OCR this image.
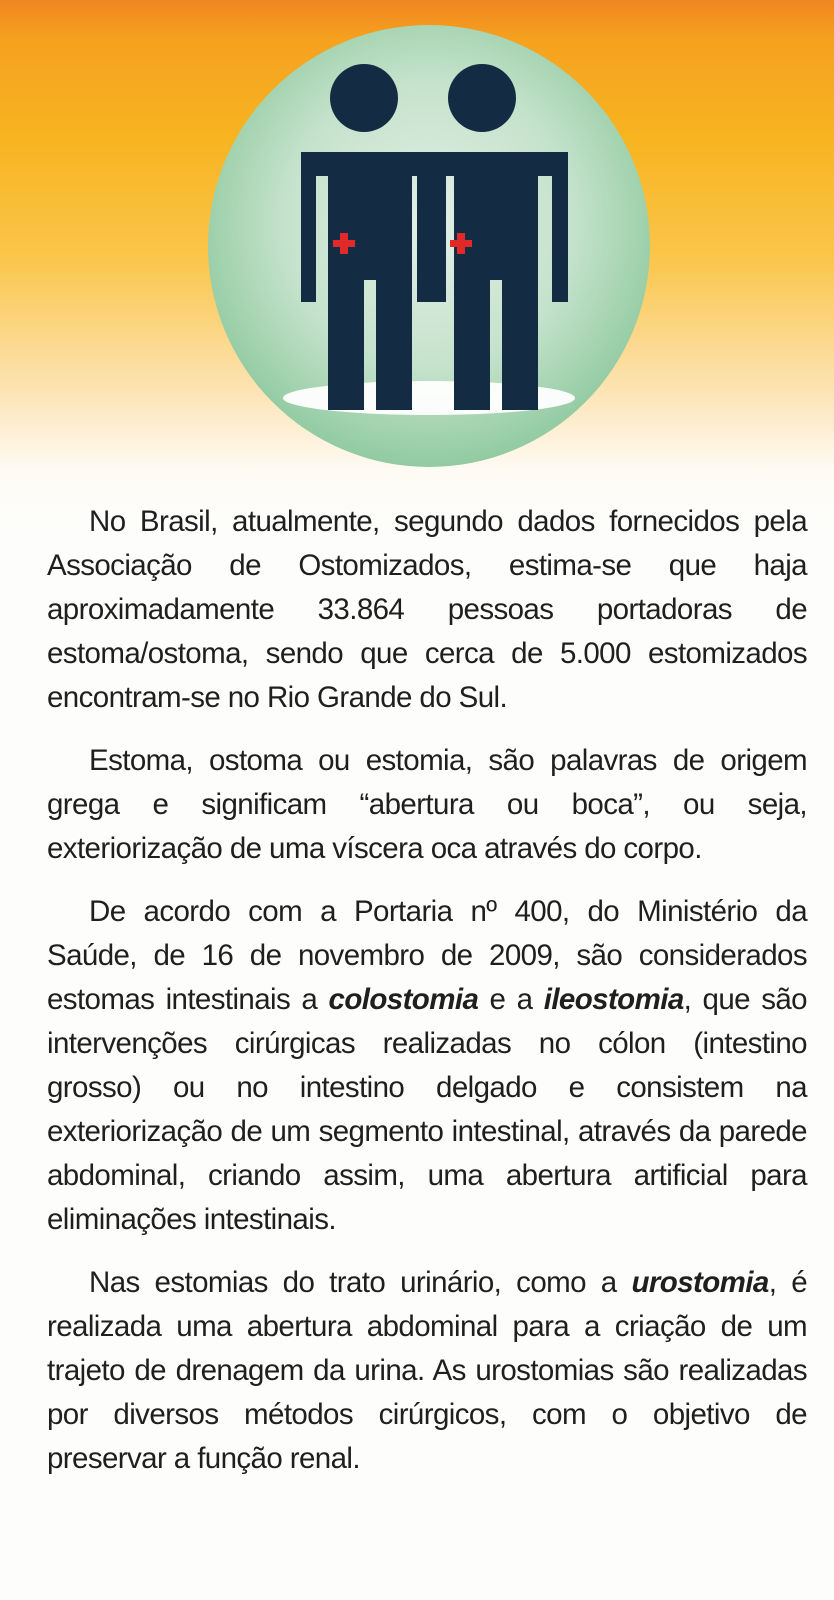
No Brasil, atualmente, segundo dados fornecidos pela Associação de Ostomizados, estima-se que haja aproximadamente 33.864 pessoas portadoras de estoma/ostoma, sendo que cerca de 5.000 estomizados encontram-se no Rio Grande do Sul.

Estoma, ostoma ou estomia, são palavras de origem grega e significam “abertura ou boca”, ou seja, exteriorização de uma víscera oca através do corpo.

De acordo com a Portaria nº 400, do Ministério da Saúde, de 16 de novembro de 2009, são considerados estomas intestinais a colostomia e a ileostomia, que são intervenções cirúrgicas realizadas no cólon (intestino grosso) ou no intestino delgado e consistem na exteriorização de um segmento intestinal, através da parede abdominal, criando assim, uma abertura artificial para eliminações intestinais.

Nas estomias do trato urinário, como a urostomia, é realizada uma abertura abdominal para a criação de um trajeto de drenagem da urina. As urostomias são realizadas por diversos métodos cirúrgicos, com o objetivo de preservar a função renal.
